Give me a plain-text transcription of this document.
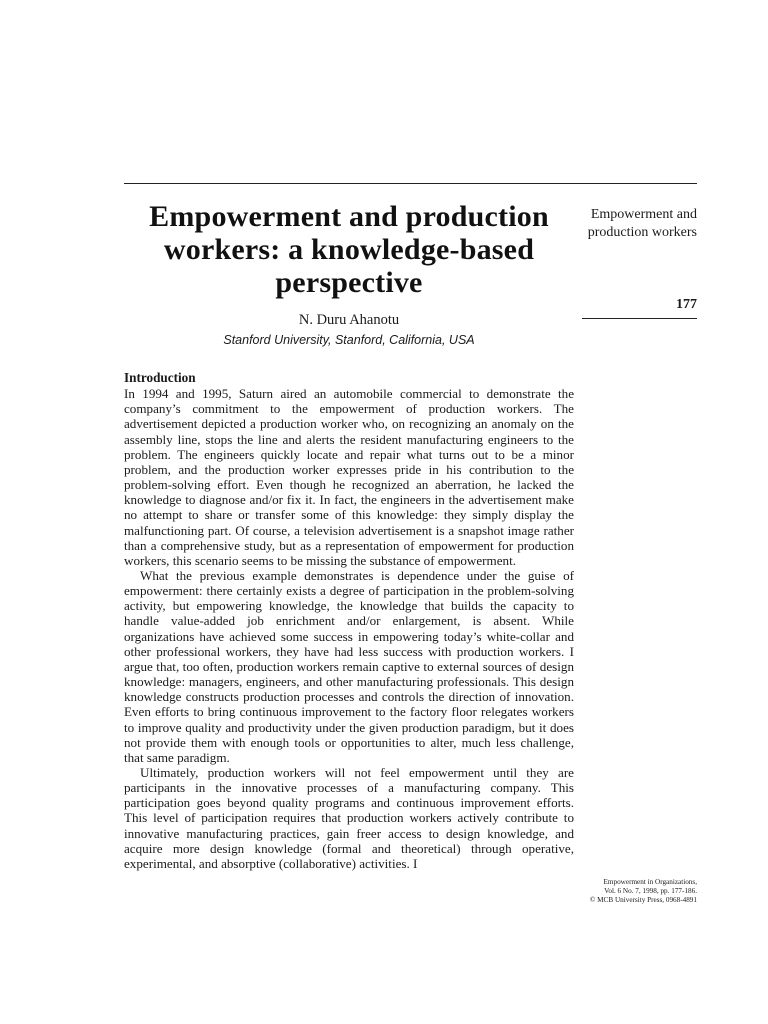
Empowerment and production workers: a knowledge-based perspective

N. Duru Ahanotu

Stanford University, Stanford, California, USA

Introduction

In 1994 and 1995, Saturn aired an automobile commercial to demonstrate the company’s commitment to the empowerment of production workers. The advertisement depicted a production worker who, on recognizing an anomaly on the assembly line, stops the line and alerts the resident manufacturing engineers to the problem. The engineers quickly locate and repair what turns out to be a minor problem, and the production worker expresses pride in his contribution to the problem-solving effort. Even though he recognized an aberration, he lacked the knowledge to diagnose and/or fix it. In fact, the engineers in the advertisement make no attempt to share or transfer some of this knowledge: they simply display the malfunctioning part. Of course, a television advertisement is a snapshot image rather than a comprehensive study, but as a representation of empowerment for production workers, this scenario seems to be missing the substance of empowerment.

What the previous example demonstrates is dependence under the guise of empowerment: there certainly exists a degree of participation in the problem-solving activity, but empowering knowledge, the knowledge that builds the capacity to handle value-added job enrichment and/or enlargement, is absent. While organizations have achieved some success in empowering today’s white-collar and other professional workers, they have had less success with production workers. I argue that, too often, production workers remain captive to external sources of design knowledge: managers, engineers, and other manufacturing professionals. This design knowledge constructs production processes and controls the direction of innovation. Even efforts to bring continuous improvement to the factory floor relegates workers to improve quality and productivity under the given production paradigm, but it does not provide them with enough tools or opportunities to alter, much less challenge, that same paradigm.

Ultimately, production workers will not feel empowerment until they are participants in the innovative processes of a manufacturing company. This participation goes beyond quality programs and continuous improvement efforts. This level of participation requires that production workers actively contribute to innovative manufacturing practices, gain freer access to design knowledge, and acquire more design knowledge (formal and theoretical) through operative, experimental, and absorptive (collaborative) activities. I

Empowerment and production workers
177
Empowerment in Organizations,
Vol. 6 No. 7, 1998, pp. 177-186.
© MCB University Press, 0968-4891
